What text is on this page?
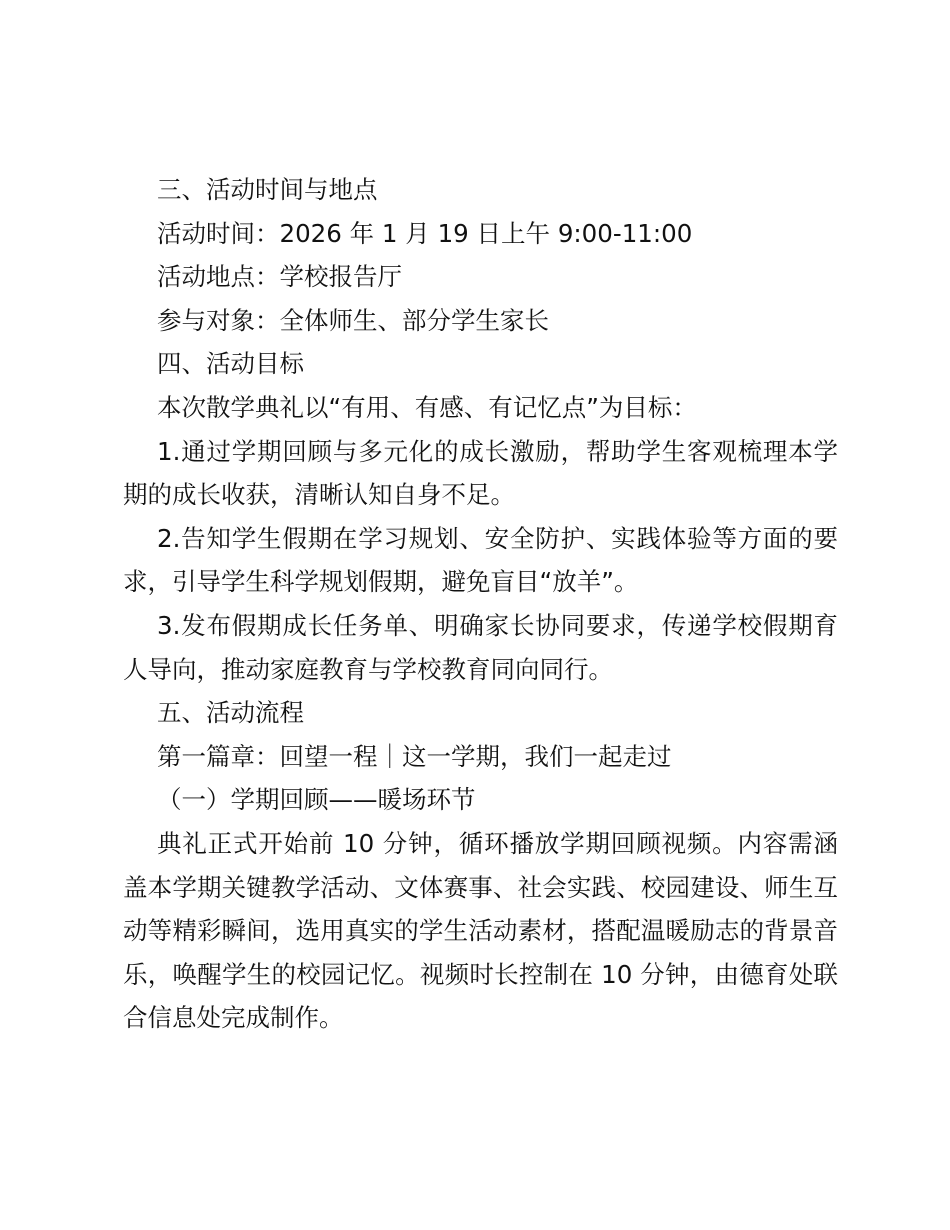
三、活动时间与地点

活动时间：2026 年 1 月 19 日上午 9:00-11:00

活动地点：学校报告厅

参与对象：全体师生、部分学生家长

四、活动目标

本次散学典礼以“有用、有感、有记忆点”为目标：

1.通过学期回顾与多元化的成长激励，帮助学生客观梳理本学期的成长收获，清晰认知自身不足。

2.告知学生假期在学习规划、安全防护、实践体验等方面的要求，引导学生科学规划假期，避免盲目“放羊”。

3.发布假期成长任务单、明确家长协同要求，传递学校假期育人导向，推动家庭教育与学校教育同向同行。

五、活动流程

第一篇章：回望一程｜这一学期，我们一起走过

（一）学期回顾——暖场环节

典礼正式开始前 10 分钟，循环播放学期回顾视频。内容需涵盖本学期关键教学活动、文体赛事、社会实践、校园建设、师生互动等精彩瞬间，选用真实的学生活动素材，搭配温暖励志的背景音乐，唤醒学生的校园记忆。视频时长控制在 10 分钟，由德育处联合信息处完成制作。
